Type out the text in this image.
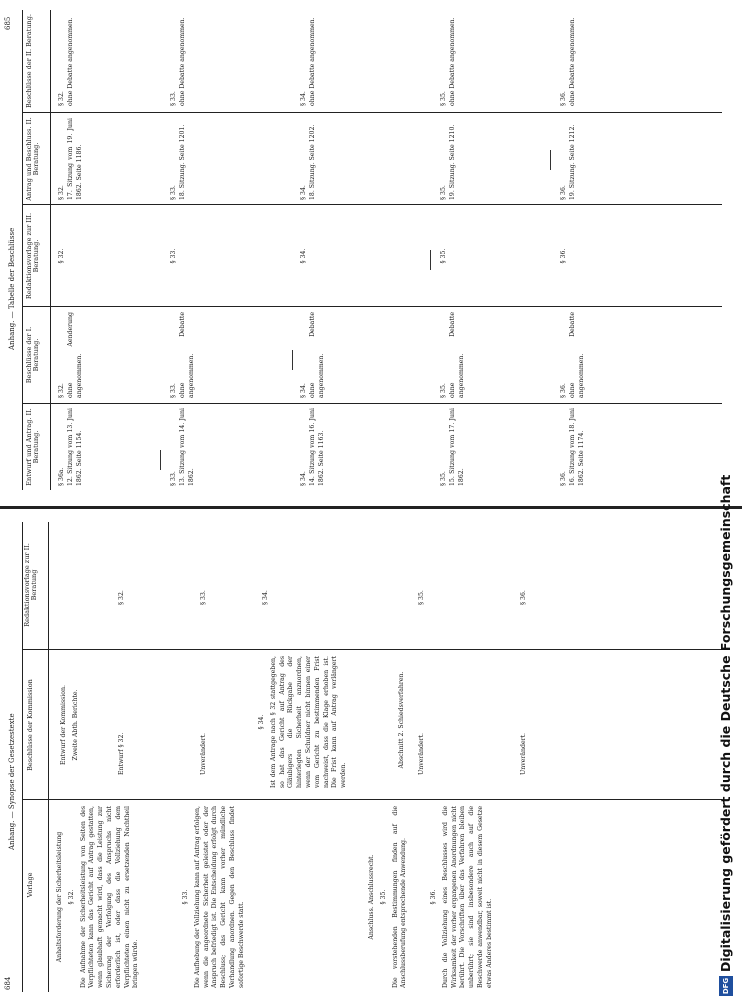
684
Anhang. — Synopse der Gesetzestexte
Vorlage
Beschlüsse der Kommission
Redaktionsvorlage zur II. Beratung
Entwurf der Kommission. Zweite Abth. Berichte.

Anhaltsforderung der Sicherheitsleistung § 32. Die Aufnahme der Sicherheitsleistung von Seiten des Verpflichteten kann das Gericht auf Antrag gestatten, wenn glaubhaft gemacht wird, dass die Leistung zur Sicherung der Verfolgung des Anspruchs nicht erforderlich ist, oder dass die Vollziehung dem Verpflichteten einen nicht zu ersetzenden Nachtheil bringen würde.

Entwurf § 32.
§ 32.

§ 33. Die Aufhebung der Vollziehung kann auf Antrag erfolgen, wenn die angeordnete Sicherheit geleistet oder der Anspruch befriedigt ist. Die Entscheidung erfolgt durch Beschluss; das Gericht kann vorher mündliche Verhandlung anordnen. Gegen den Beschluss findet sofortige Beschwerde statt.

Unverändert.
§ 33.

§ 34. Ist dem Antrage nach § 32 stattgegeben, so hat das Gericht auf Antrag des Gläubigers die Rückgabe der hinterlegten Sicherheit anzuordnen, wenn der Schuldner nicht binnen einer vom Gericht zu bestimmenden Frist nachweist, dass die Klage erhoben ist. Die Frist kann auf Antrag verlängert werden.

§ 34.
Abschnitt 2. Schiedsverfahren.

Anschluss. Anschlussrecht. § 35. Die vorstehenden Bestimmungen finden auf die Anschlussberufung entsprechende Anwendung.

Unverändert.
§ 35.

§ 36. Durch die Vollziehung eines Beschlusses wird die Wirksamkeit der vorher ergangenen Anordnungen nicht berührt. Die Vorschriften über das Verfahren bleiben unberührt; sie sind insbesondere auch auf die Beschwerde anwendbar, soweit nicht in diesem Gesetze etwas Anderes bestimmt ist.

Unverändert.
§ 36.
Anhang. — Tabelle der Beschlüsse
685
Entwurf und Antrag. II. Beratung.
Beschlüsse der I. Beratung.
Redaktionsvorlage zur III. Beratung.
Antrag und Beschluss. II. Beratung.
Beschlüsse der II. Beratung.
§ 36a.
12. Sitzung vom 13. Juni 1862. Seite 1154.
§ 32.
ohne Aenderung angenommen.
§ 32.
§ 32.
17. Sitzung vom 19. Juni 1862. Seite 1186.
§ 32.
ohne Debatte angenommen.
§ 33.
13. Sitzung vom 14. Juni 1862.
§ 33.
ohne Debatte angenommen.
§ 33.
§ 33.
18. Sitzung. Seite 1201.
§ 33.
ohne Debatte angenommen.
§ 34.
14. Sitzung vom 16. Juni 1862. Seite 1163.
§ 34.
ohne Debatte angenommen.
§ 34.
§ 34.
18. Sitzung. Seite 1202.
§ 34.
ohne Debatte angenommen.
§ 35.
15. Sitzung vom 17. Juni 1862.
§ 35.
ohne Debatte angenommen.
§ 35.
§ 35.
19. Sitzung. Seite 1210.
§ 35.
ohne Debatte angenommen.
§ 36.
16. Sitzung vom 18. Juni 1862. Seite 1174.
§ 36.
ohne Debatte angenommen.
§ 36.
§ 36.
19. Sitzung. Seite 1212.
§ 36.
ohne Debatte angenommen.
DFG
Digitalisierung gefördert durch die Deutsche Forschungsgemeinschaft
